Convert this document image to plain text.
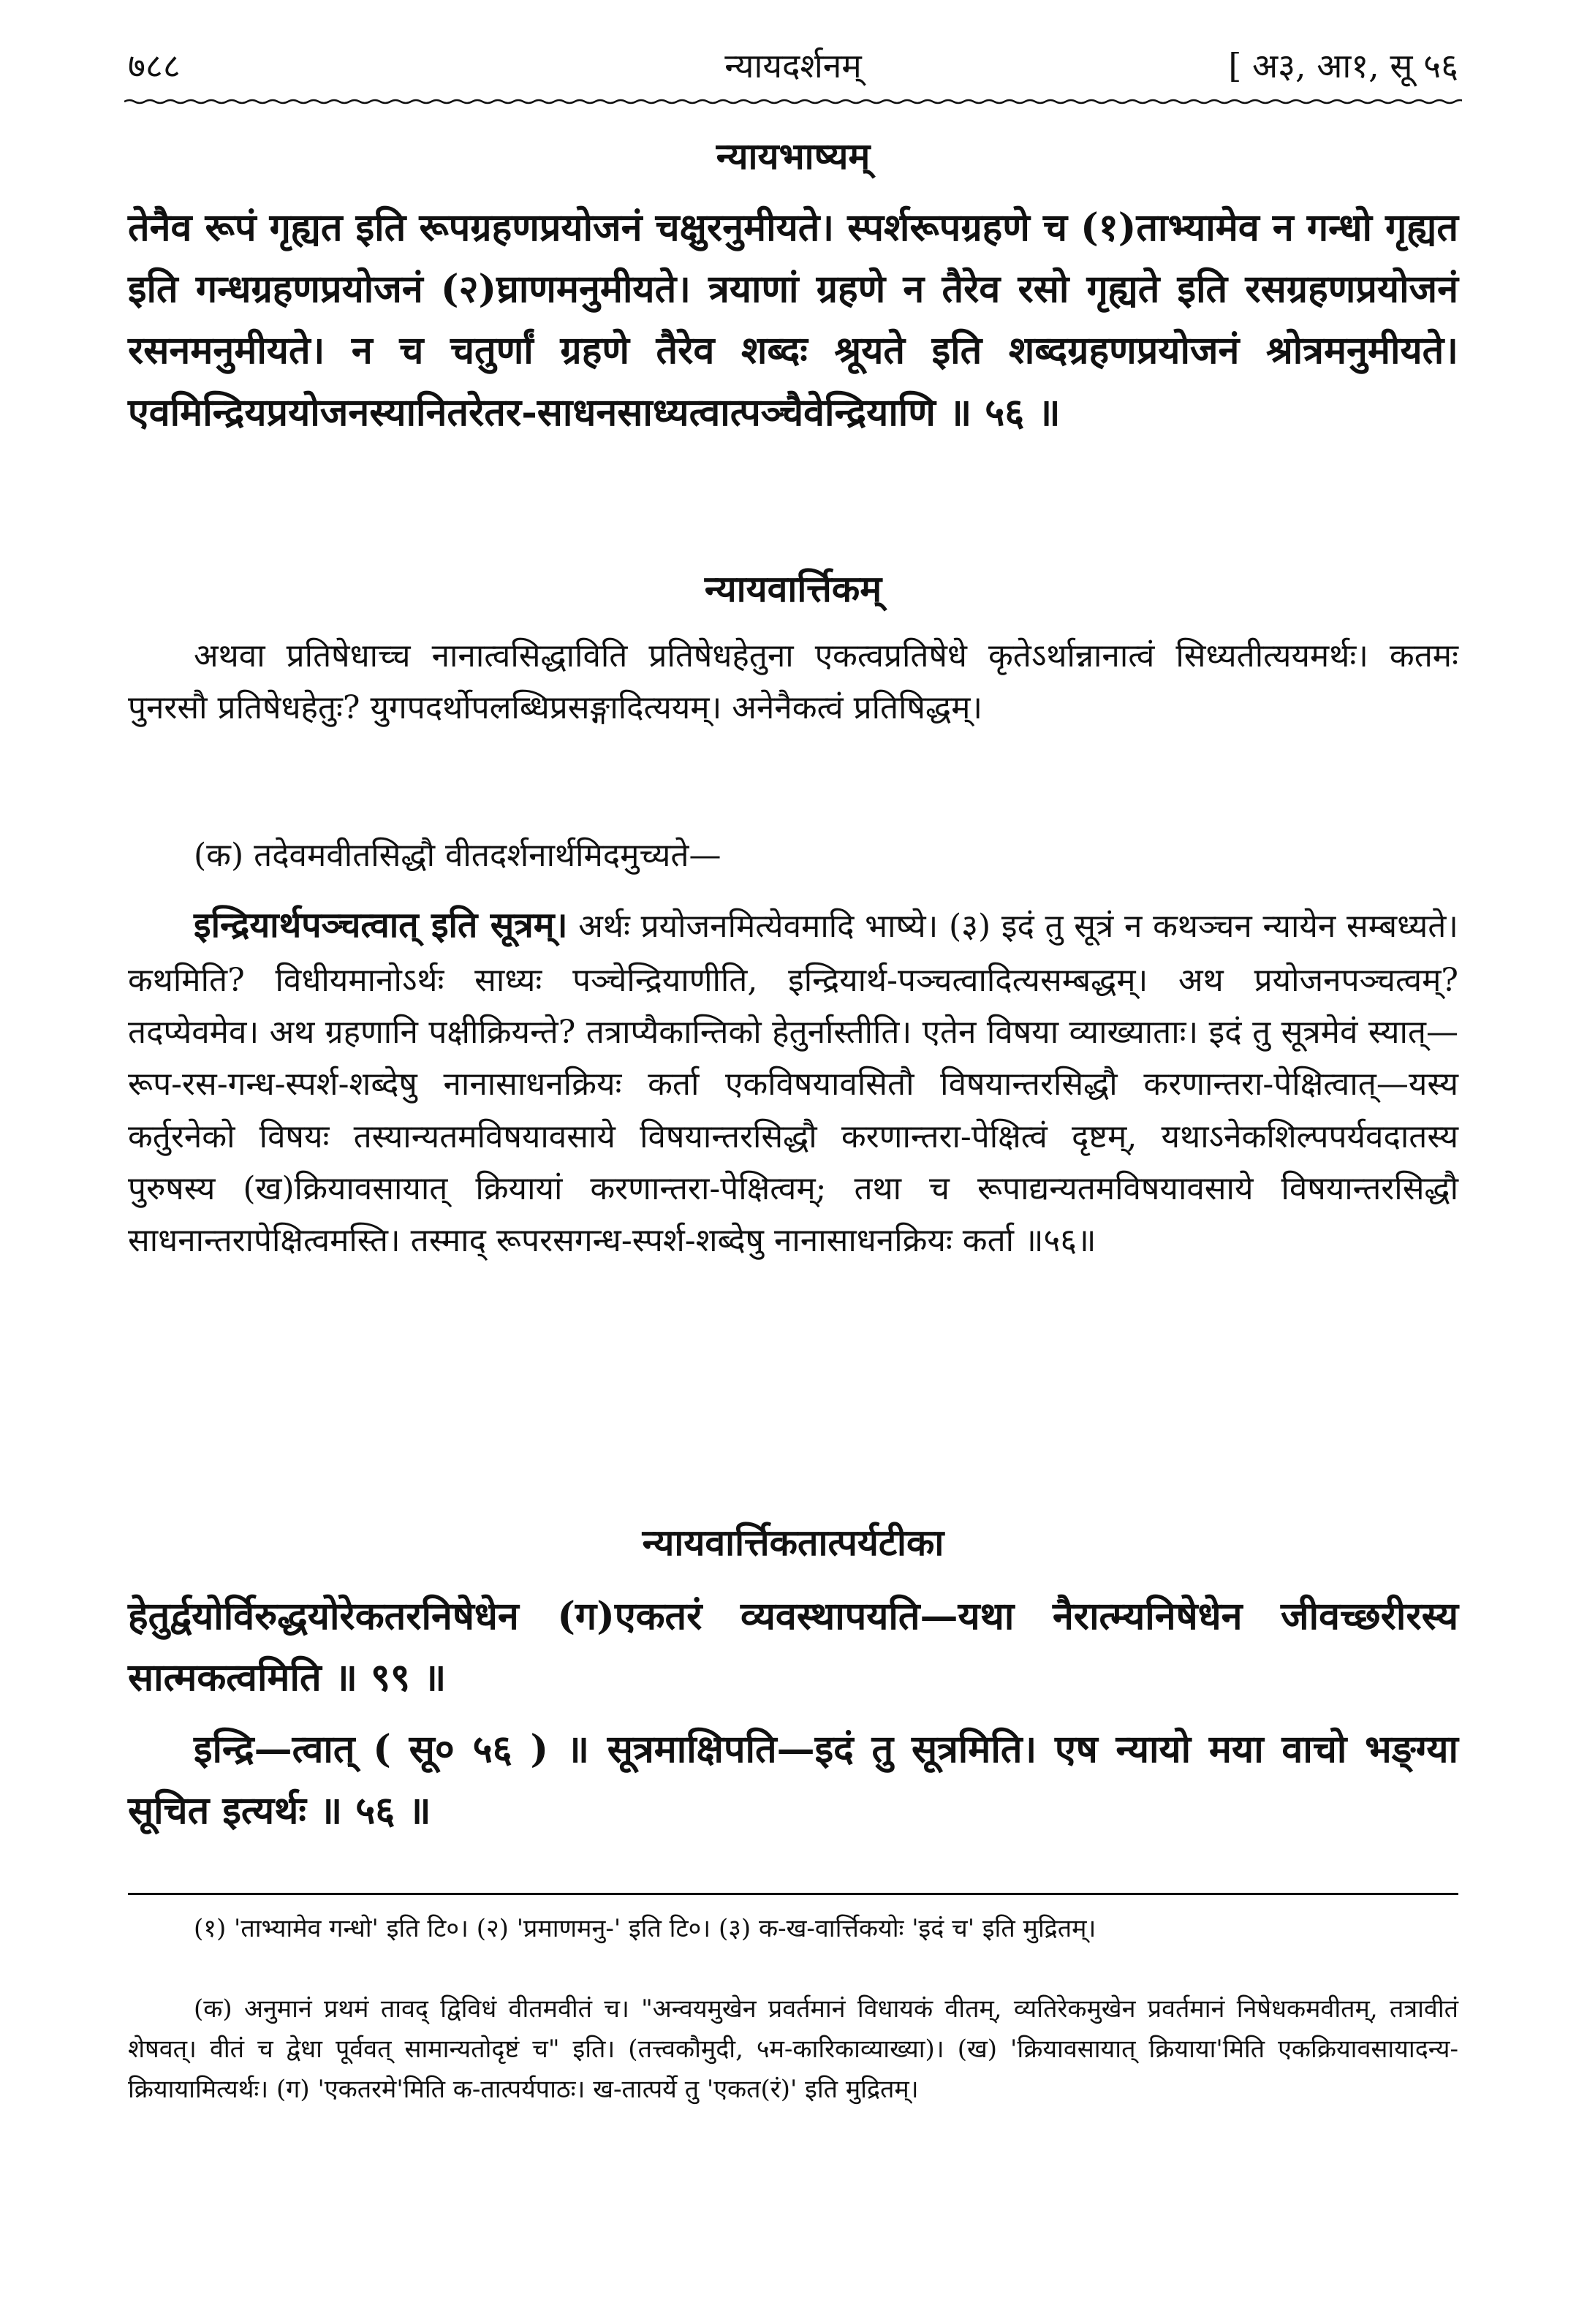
७८८	न्यायदर्शनम्	[ अ३, आ१, सू ५६
न्यायभाष्यम्
तेनैव रूपं गृह्यत इति रूपग्रहणप्रयोजनं चक्षुरनुमीयते। स्पर्शरूपग्रहणे च (१)ताभ्यामेव न गन्धो गृह्यत इति गन्धग्रहणप्रयोजनं (२)घ्राणमनुमीयते। त्रयाणां ग्रहणे न तैरेव रसो गृह्यते इति रसग्रहणप्रयोजनं रसनमनुमीयते। न च चतुर्णां ग्रहणे तैरेव शब्दः श्रूयते इति शब्दग्रहणप्रयोजनं श्रोत्रमनुमीयते। एवमिन्द्रियप्रयोजनस्यानितरेतर-साधनसाध्यत्वात्पञ्चैवेन्द्रियाणि ॥ ५६ ॥
न्यायवार्त्तिकम्
अथवा प्रतिषेधाच्च नानात्वसिद्धाविति प्रतिषेधहेतुना एकत्वप्रतिषेधे कृतेऽर्थान्नानात्वं सिध्यतीत्ययमर्थः। कतमः पुनरसौ प्रतिषेधहेतुः? युगपदर्थोपलब्धिप्रसङ्गादित्ययम्। अनेनैकत्वं प्रतिषिद्धम्।
(क) तदेवमवीतसिद्धौ वीतदर्शनार्थमिदमुच्यते—
इन्द्रियार्थपञ्चत्वात् इति सूत्रम्। अर्थः प्रयोजनमित्येवमादि भाष्ये। (३) इदं तु सूत्रं न कथञ्चन न्यायेन सम्बध्यते। कथमिति? विधीयमानोऽर्थः साध्यः पञ्चेन्द्रियाणीति, इन्द्रियार्थ-पञ्चत्वादित्यसम्बद्धम्। अथ प्रयोजनपञ्चत्वम्? तदप्येवमेव। अथ ग्रहणानि पक्षीक्रियन्ते? तत्राप्यैकान्तिको हेतुर्नास्तीति। एतेन विषया व्याख्याताः। इदं तु सूत्रमेवं स्यात्—रूप-रस-गन्ध-स्पर्श-शब्देषु नानासाधनक्रियः कर्ता एकविषयावसितौ विषयान्तरसिद्धौ करणान्तरा-पेक्षित्वात्—यस्य कर्तुरनेको विषयः तस्यान्यतमविषयावसाये विषयान्तरसिद्धौ करणान्तरा-पेक्षित्वं दृष्टम्, यथाऽनेकशिल्पपर्यवदातस्य पुरुषस्य (ख)क्रियावसायात् क्रियायां करणान्तरा-पेक्षित्वम्; तथा च रूपाद्यन्यतमविषयावसाये विषयान्तरसिद्धौ साधनान्तरापेक्षित्वमस्ति। तस्माद् रूपरसगन्ध-स्पर्श-शब्देषु नानासाधनक्रियः कर्ता ॥५६॥
न्यायवार्त्तिकतात्पर्यटीका
हेतुर्द्वयोर्विरुद्धयोरेकतरनिषेधेन (ग)एकतरं व्यवस्थापयति—यथा नैरात्म्यनिषेधेन जीवच्छरीरस्य सात्मकत्वमिति ॥ ९९ ॥
इन्द्रि—त्वात् ( सू० ५६ ) ॥ सूत्रमाक्षिपति—इदं तु सूत्रमिति। एष न्यायो मया वाचो भङ्ग्या सूचित इत्यर्थः ॥ ५६ ॥
(१) 'ताभ्यामेव गन्धो' इति टि०। (२) 'प्रमाणमनु-' इति टि०। (३) क-ख-वार्त्तिकयोः 'इदं च' इति मुद्रितम्।
(क) अनुमानं प्रथमं तावद् द्विविधं वीतमवीतं च। "अन्वयमुखेन प्रवर्तमानं विधायकं वीतम्, व्यतिरेकमुखेन प्रवर्तमानं निषेधकमवीतम्, तत्रावीतं शेषवत्। वीतं च द्वेधा पूर्ववत् सामान्यतोदृष्टं च" इति। (तत्त्वकौमुदी, ५म-कारिकाव्याख्या)। (ख) 'क्रियावसायात् क्रियाया'मिति एकक्रियावसायादन्य-क्रियायामित्यर्थः। (ग) 'एकतरमे'मिति क-तात्पर्यपाठः। ख-तात्पर्ये तु 'एकत(रं)' इति मुद्रितम्।
